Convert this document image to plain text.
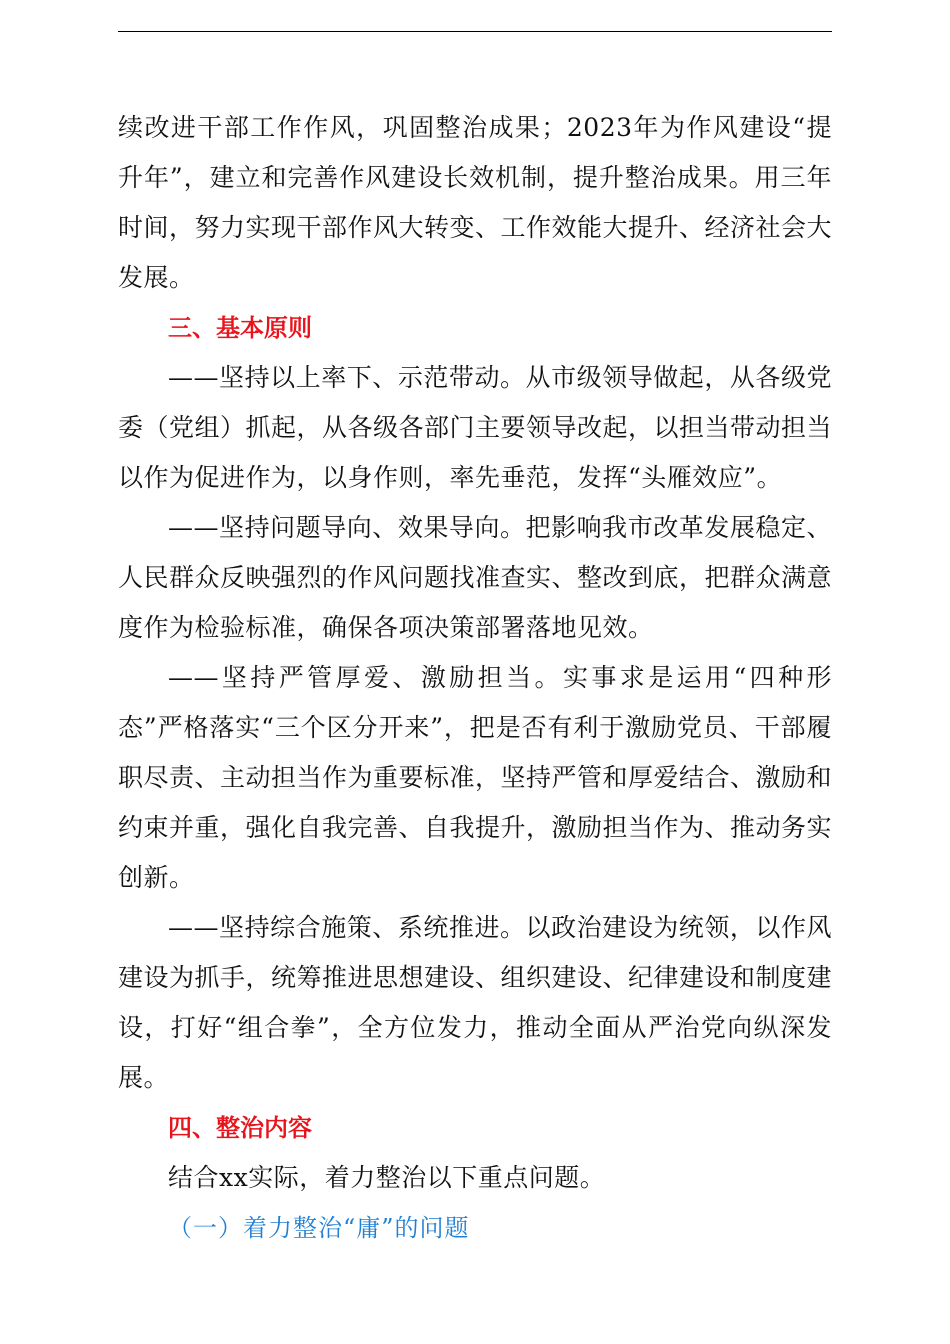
续改进干部工作作风，巩固整治成果；2023年为作风建设“提升年”，建立和完善作风建设长效机制，提升整治成果。用三年时间，努力实现干部作风大转变、工作效能大提升、经济社会大发展。

三、基本原则

——坚持以上率下、示范带动。从市级领导做起，从各级党委（党组）抓起，从各级各部门主要领导改起，以担当带动担当以作为促进作为，以身作则，率先垂范，发挥“头雁效应”。

——坚持问题导向、效果导向。把影响我市改革发展稳定、人民群众反映强烈的作风问题找准查实、整改到底，把群众满意度作为检验标准，确保各项决策部署落地见效。

——坚持严管厚爱、激励担当。实事求是运用“四种形态”严格落实“三个区分开来”，把是否有利于激励党员、干部履职尽责、主动担当作为重要标准，坚持严管和厚爱结合、激励和约束并重，强化自我完善、自我提升，激励担当作为、推动务实创新。

——坚持综合施策、系统推进。以政治建设为统领，以作风建设为抓手，统筹推进思想建设、组织建设、纪律建设和制度建设，打好“组合拳”，全方位发力，推动全面从严治党向纵深发展。

四、整治内容

结合xx实际，着力整治以下重点问题。

（一）着力整治“庸”的问题
